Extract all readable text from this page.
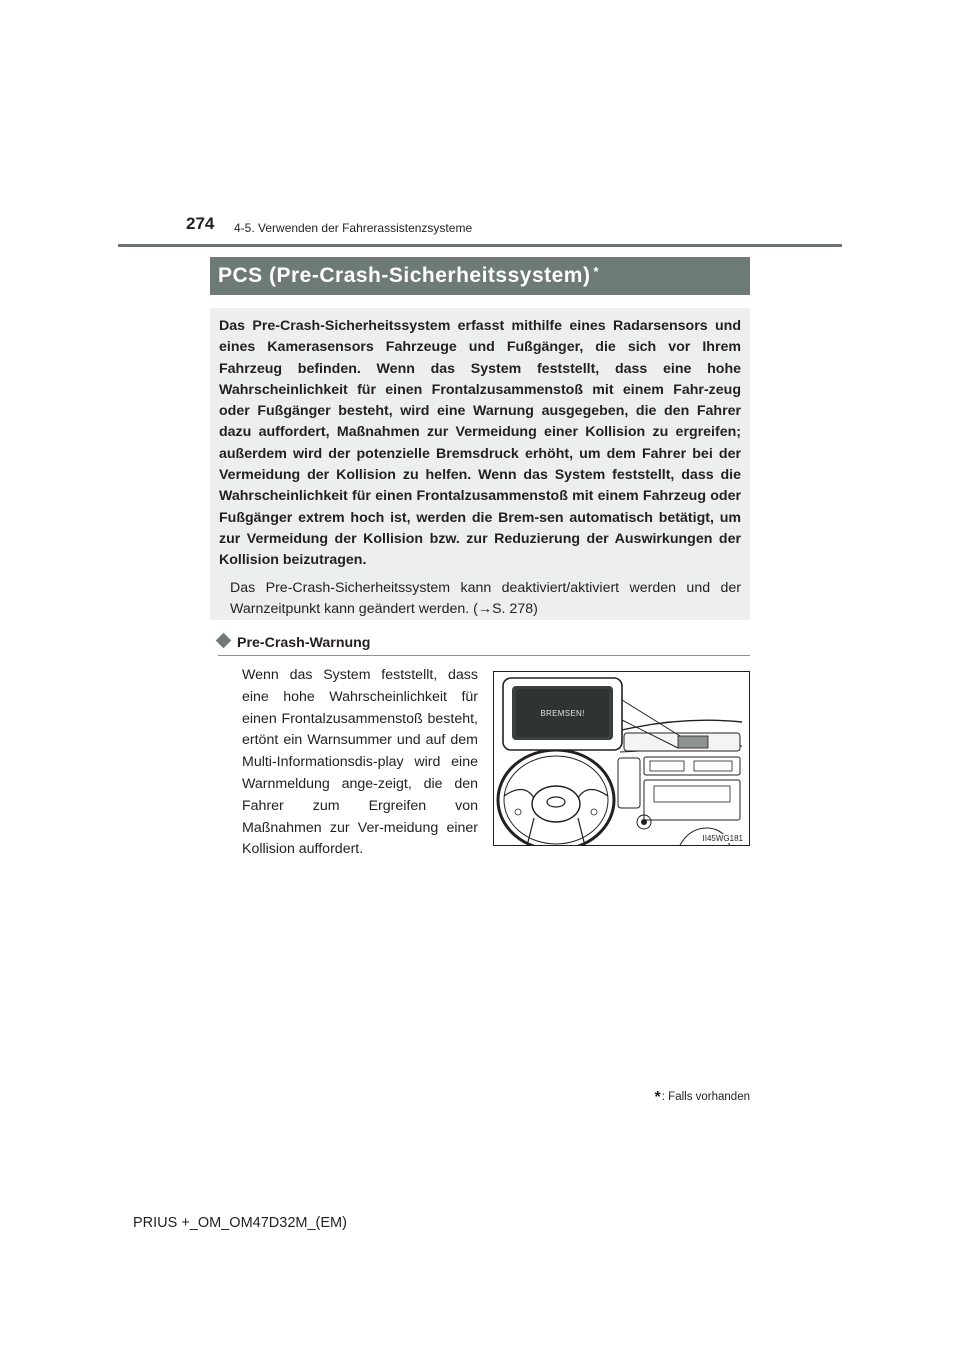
274 4-5. Verwenden der Fahrerassistenzsysteme
PCS (Pre-Crash-Sicherheitssystem) *

Das Pre-Crash-Sicherheitssystem erfasst mithilfe eines Radarsensors und eines Kamerasensors Fahrzeuge und Fußgänger, die sich vor Ihrem Fahrzeug befinden. Wenn das System feststellt, dass eine hohe Wahrscheinlichkeit für einen Frontalzusammenstoß mit einem Fahr-zeug oder Fußgänger besteht, wird eine Warnung ausgegeben, die den Fahrer dazu auffordert, Maßnahmen zur Vermeidung einer Kollision zu ergreifen; außerdem wird der potenzielle Bremsdruck erhöht, um dem Fahrer bei der Vermeidung der Kollision zu helfen. Wenn das System feststellt, dass die Wahrscheinlichkeit für einen Frontalzusammenstoß mit einem Fahrzeug oder Fußgänger extrem hoch ist, werden die Brem-sen automatisch betätigt, um zur Vermeidung der Kollision bzw. zur Reduzierung der Auswirkungen der Kollision beizutragen.

Das Pre-Crash-Sicherheitssystem kann deaktiviert/aktiviert werden und der Warnzeitpunkt kann geändert werden. (→S. 278)

Pre-Crash-Warnung

Wenn das System feststellt, dass eine hohe Wahrscheinlichkeit für einen Frontalzusammenstoß besteht, ertönt ein Warnsummer und auf dem Multi-Informationsdis-play wird eine Warnmeldung ange-zeigt, die den Fahrer zum Ergreifen von Maßnahmen zur Ver-meidung einer Kollision auffordert.

BREMSEN!
II45WG181
*: Falls vorhanden
PRIUS +_OM_OM47D32M_(EM)
